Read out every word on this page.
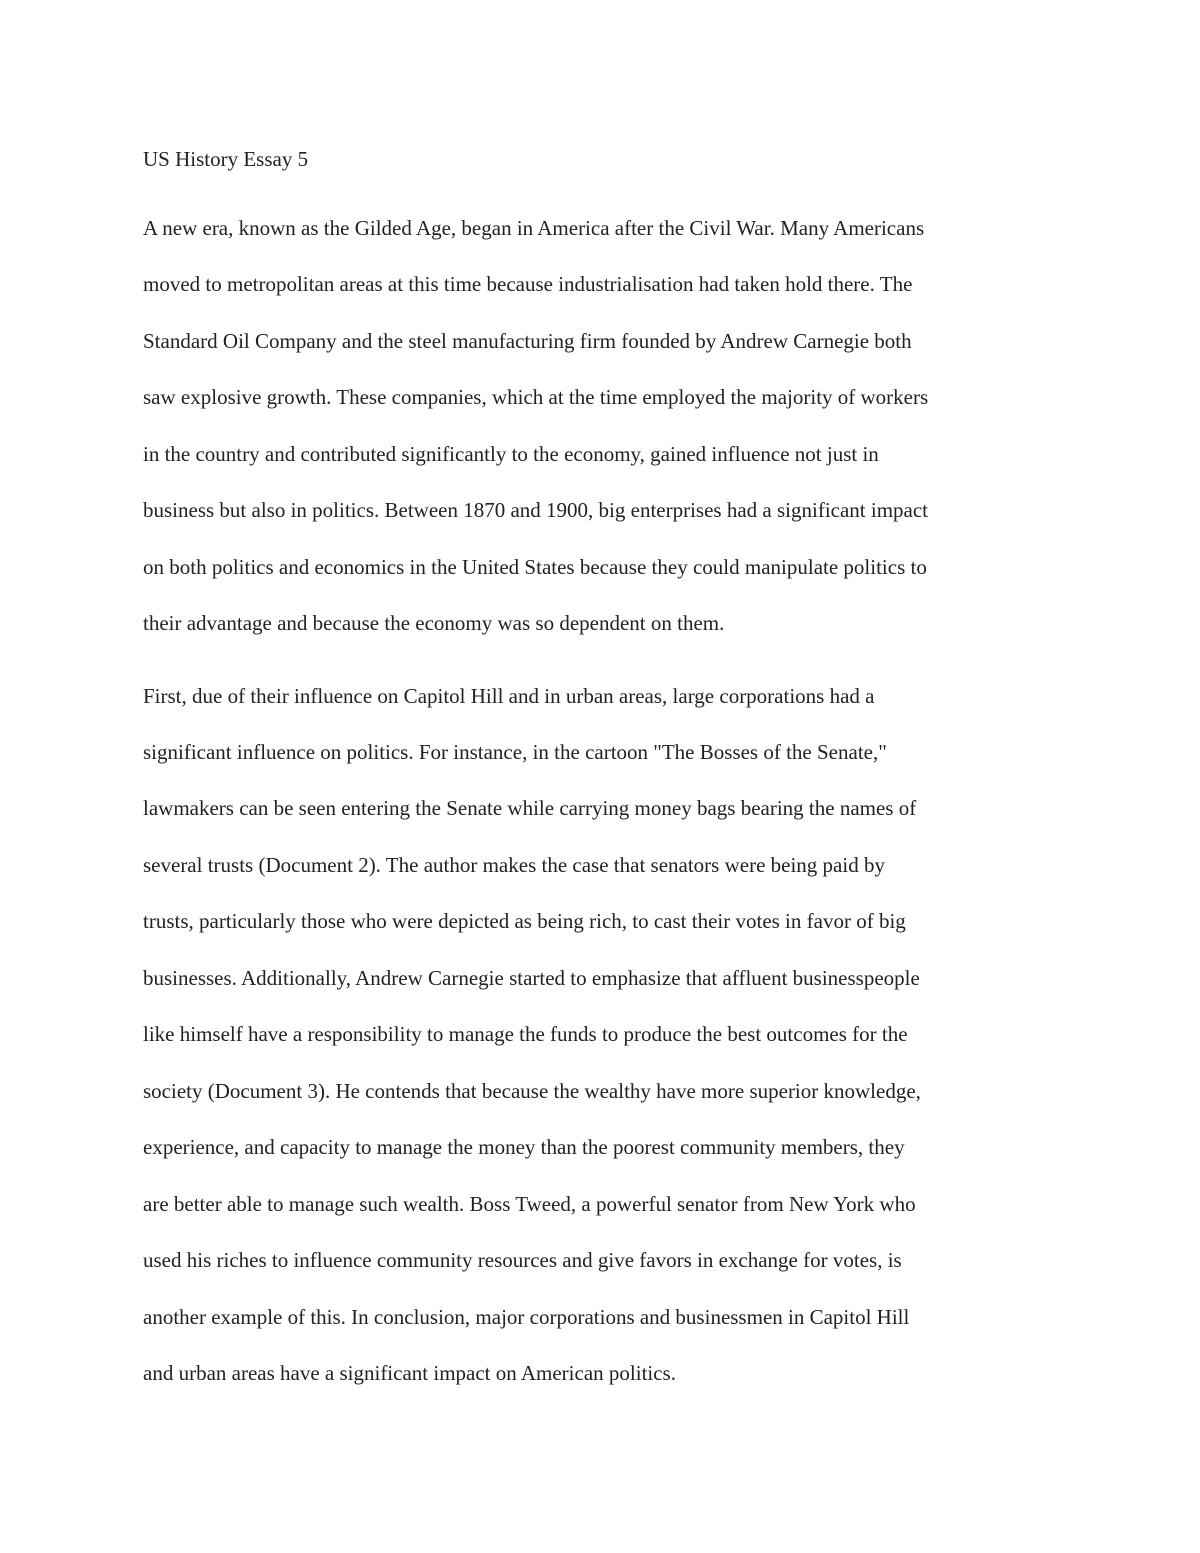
US History Essay 5

A new era, known as the Gilded Age, began in America after the Civil War. Many Americans

moved to metropolitan areas at this time because industrialisation had taken hold there. The

Standard Oil Company and the steel manufacturing firm founded by Andrew Carnegie both

saw explosive growth. These companies, which at the time employed the majority of workers

in the country and contributed significantly to the economy, gained influence not just in

business but also in politics. Between 1870 and 1900, big enterprises had a significant impact

on both politics and economics in the United States because they could manipulate politics to

their advantage and because the economy was so dependent on them.

First, due of their influence on Capitol Hill and in urban areas, large corporations had a

significant influence on politics. For instance, in the cartoon "The Bosses of the Senate,"

lawmakers can be seen entering the Senate while carrying money bags bearing the names of

several trusts (Document 2). The author makes the case that senators were being paid by

trusts, particularly those who were depicted as being rich, to cast their votes in favor of big

businesses. Additionally, Andrew Carnegie started to emphasize that affluent businesspeople

like himself have a responsibility to manage the funds to produce the best outcomes for the

society (Document 3). He contends that because the wealthy have more superior knowledge,

experience, and capacity to manage the money than the poorest community members, they

are better able to manage such wealth. Boss Tweed, a powerful senator from New York who

used his riches to influence community resources and give favors in exchange for votes, is

another example of this. In conclusion, major corporations and businessmen in Capitol Hill

and urban areas have a significant impact on American politics.
